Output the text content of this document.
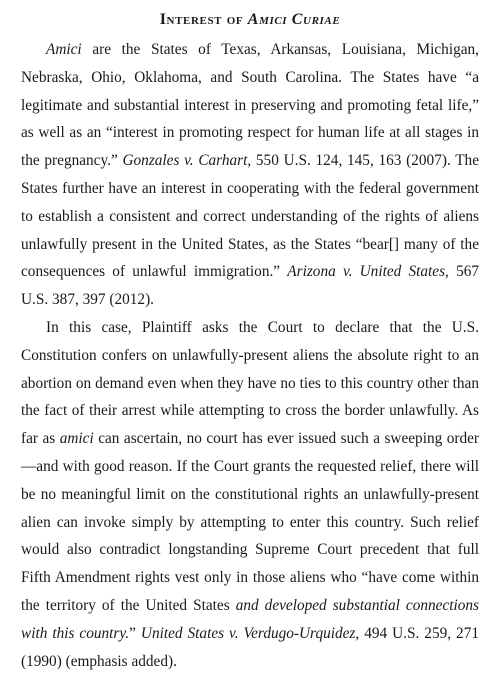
Interest of Amici Curiae

Amici are the States of Texas, Arkansas, Louisiana, Michigan, Nebraska, Ohio, Oklahoma, and South Carolina. The States have “a legitimate and substantial interest in preserving and promoting fetal life,” as well as an “interest in promoting respect for human life at all stages in the pregnancy.” Gonzales v. Carhart, 550 U.S. 124, 145, 163 (2007). The States further have an interest in cooperating with the federal government to establish a consistent and correct understanding of the rights of aliens unlawfully present in the United States, as the States “bear[] many of the consequences of unlawful immigration.” Arizona v. United States, 567 U.S. 387, 397 (2012).

In this case, Plaintiff asks the Court to declare that the U.S. Constitution confers on unlawfully-present aliens the absolute right to an abortion on demand even when they have no ties to this country other than the fact of their arrest while attempting to cross the border unlawfully. As far as amici can ascertain, no court has ever issued such a sweeping order—and with good reason. If the Court grants the requested relief, there will be no meaningful limit on the constitutional rights an unlawfully-present alien can invoke simply by attempting to enter this country. Such relief would also contradict longstanding Supreme Court precedent that full Fifth Amendment rights vest only in those aliens who “have come within the territory of the United States and developed substantial connections with this country.” United States v. Verdugo-Urquidez, 494 U.S. 259, 271 (1990) (emphasis added).
